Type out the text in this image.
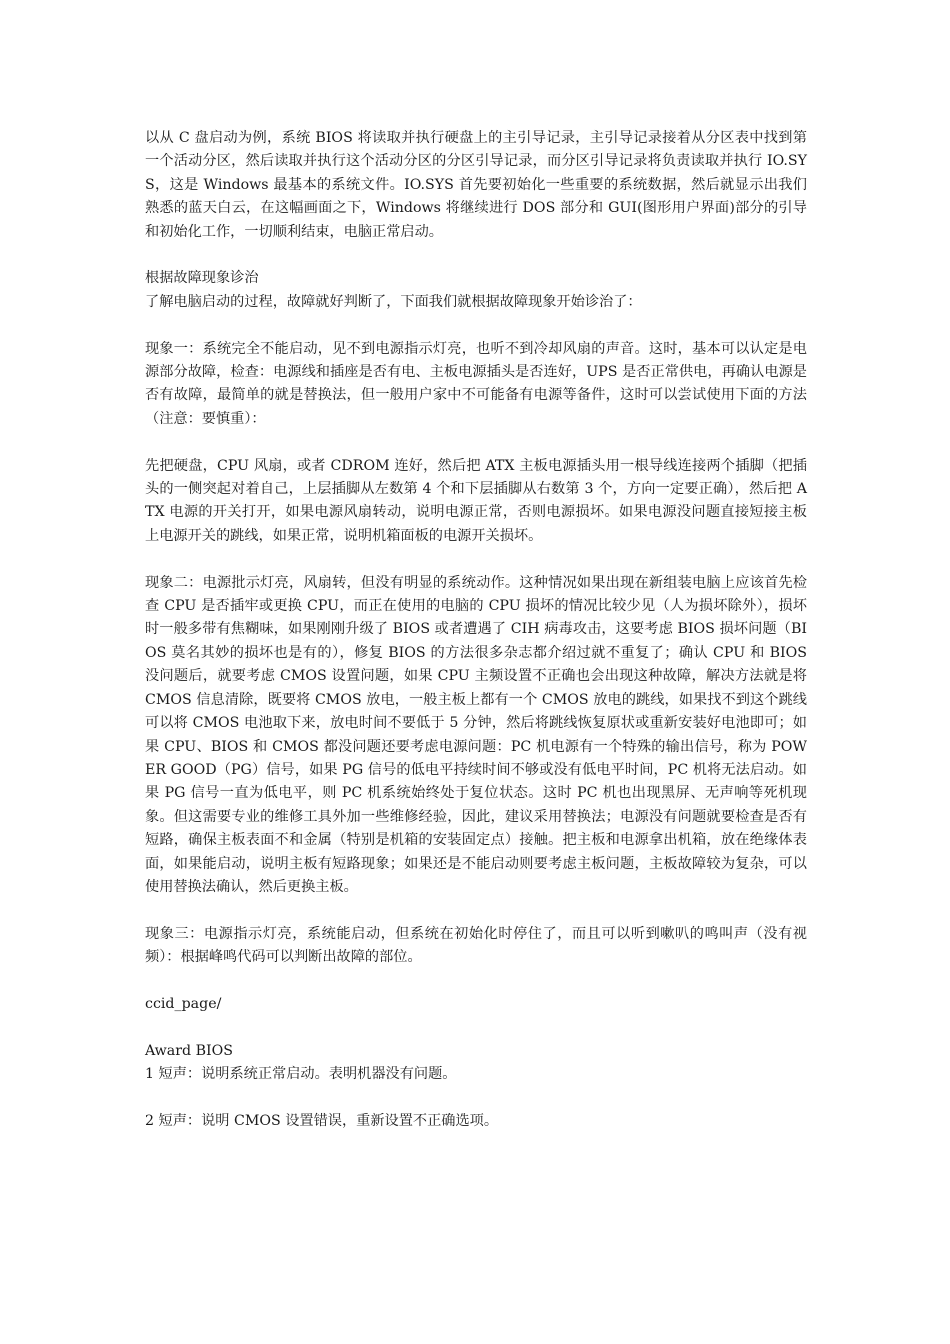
以从 C 盘启动为例，系统 BIOS 将读取并执行硬盘上的主引导记录，主引导记录接着从分区表中找到第一个活动分区，然后读取并执行这个活动分区的分区引导记录，而分区引导记录将负责读取并执行 IO.SYS，这是 Windows 最基本的系统文件。IO.SYS 首先要初始化一些重要的系统数据，然后就显示出我们熟悉的蓝天白云，在这幅画面之下，Windows 将继续进行 DOS 部分和 GUI(图形用户界面)部分的引导和初始化工作，一切顺利结束，电脑正常启动。

根据故障现象诊治

了解电脑启动的过程，故障就好判断了，下面我们就根据故障现象开始诊治了：

现象一：系统完全不能启动，见不到电源指示灯亮，也听不到冷却风扇的声音。这时，基本可以认定是电源部分故障，检查：电源线和插座是否有电、主板电源插头是否连好，UPS 是否正常供电，再确认电源是否有故障，最简单的就是替换法，但一般用户家中不可能备有电源等备件，这时可以尝试使用下面的方法（注意：要慎重）：

先把硬盘，CPU 风扇，或者 CDROM 连好，然后把 ATX 主板电源插头用一根导线连接两个插脚（把插头的一侧突起对着自己，上层插脚从左数第 4 个和下层插脚从右数第 3 个，方向一定要正确），然后把 ATX 电源的开关打开，如果电源风扇转动，说明电源正常，否则电源损坏。如果电源没问题直接短接主板上电源开关的跳线，如果正常，说明机箱面板的电源开关损坏。

现象二：电源批示灯亮，风扇转，但没有明显的系统动作。这种情况如果出现在新组装电脑上应该首先检查 CPU 是否插牢或更换 CPU，而正在使用的电脑的 CPU 损坏的情况比较少见（人为损坏除外），损坏时一般多带有焦糊味，如果刚刚升级了 BIOS 或者遭遇了 CIH 病毒攻击，这要考虑 BIOS 损坏问题（BIOS 莫名其妙的损坏也是有的），修复 BIOS 的方法很多杂志都介绍过就不重复了；确认 CPU 和 BIOS 没问题后，就要考虑 CMOS 设置问题，如果 CPU 主频设置不正确也会出现这种故障，解决方法就是将 CMOS 信息清除，既要将 CMOS 放电，一般主板上都有一个 CMOS 放电的跳线，如果找不到这个跳线可以将 CMOS 电池取下来，放电时间不要低于 5 分钟，然后将跳线恢复原状或重新安装好电池即可；如果 CPU、BIOS 和 CMOS 都没问题还要考虑电源问题：PC 机电源有一个特殊的输出信号，称为 POWER GOOD（PG）信号，如果 PG 信号的低电平持续时间不够或没有低电平时间，PC 机将无法启动。如果 PG 信号一直为低电平，则 PC 机系统始终处于复位状态。这时 PC 机也出现黑屏、无声响等死机现象。但这需要专业的维修工具外加一些维修经验，因此，建议采用替换法；电源没有问题就要检查是否有短路，确保主板表面不和金属（特别是机箱的安装固定点）接触。把主板和电源拿出机箱，放在绝缘体表面，如果能启动，说明主板有短路现象；如果还是不能启动则要考虑主板问题，主板故障较为复杂，可以使用替换法确认，然后更换主板。

现象三：电源指示灯亮，系统能启动，但系统在初始化时停住了，而且可以听到嗽叭的鸣叫声（没有视频）：根据峰鸣代码可以判断出故障的部位。

ccid_page/

Award BIOS

1 短声：说明系统正常启动。表明机器没有问题。

2 短声：说明 CMOS 设置错误，重新设置不正确选项。
